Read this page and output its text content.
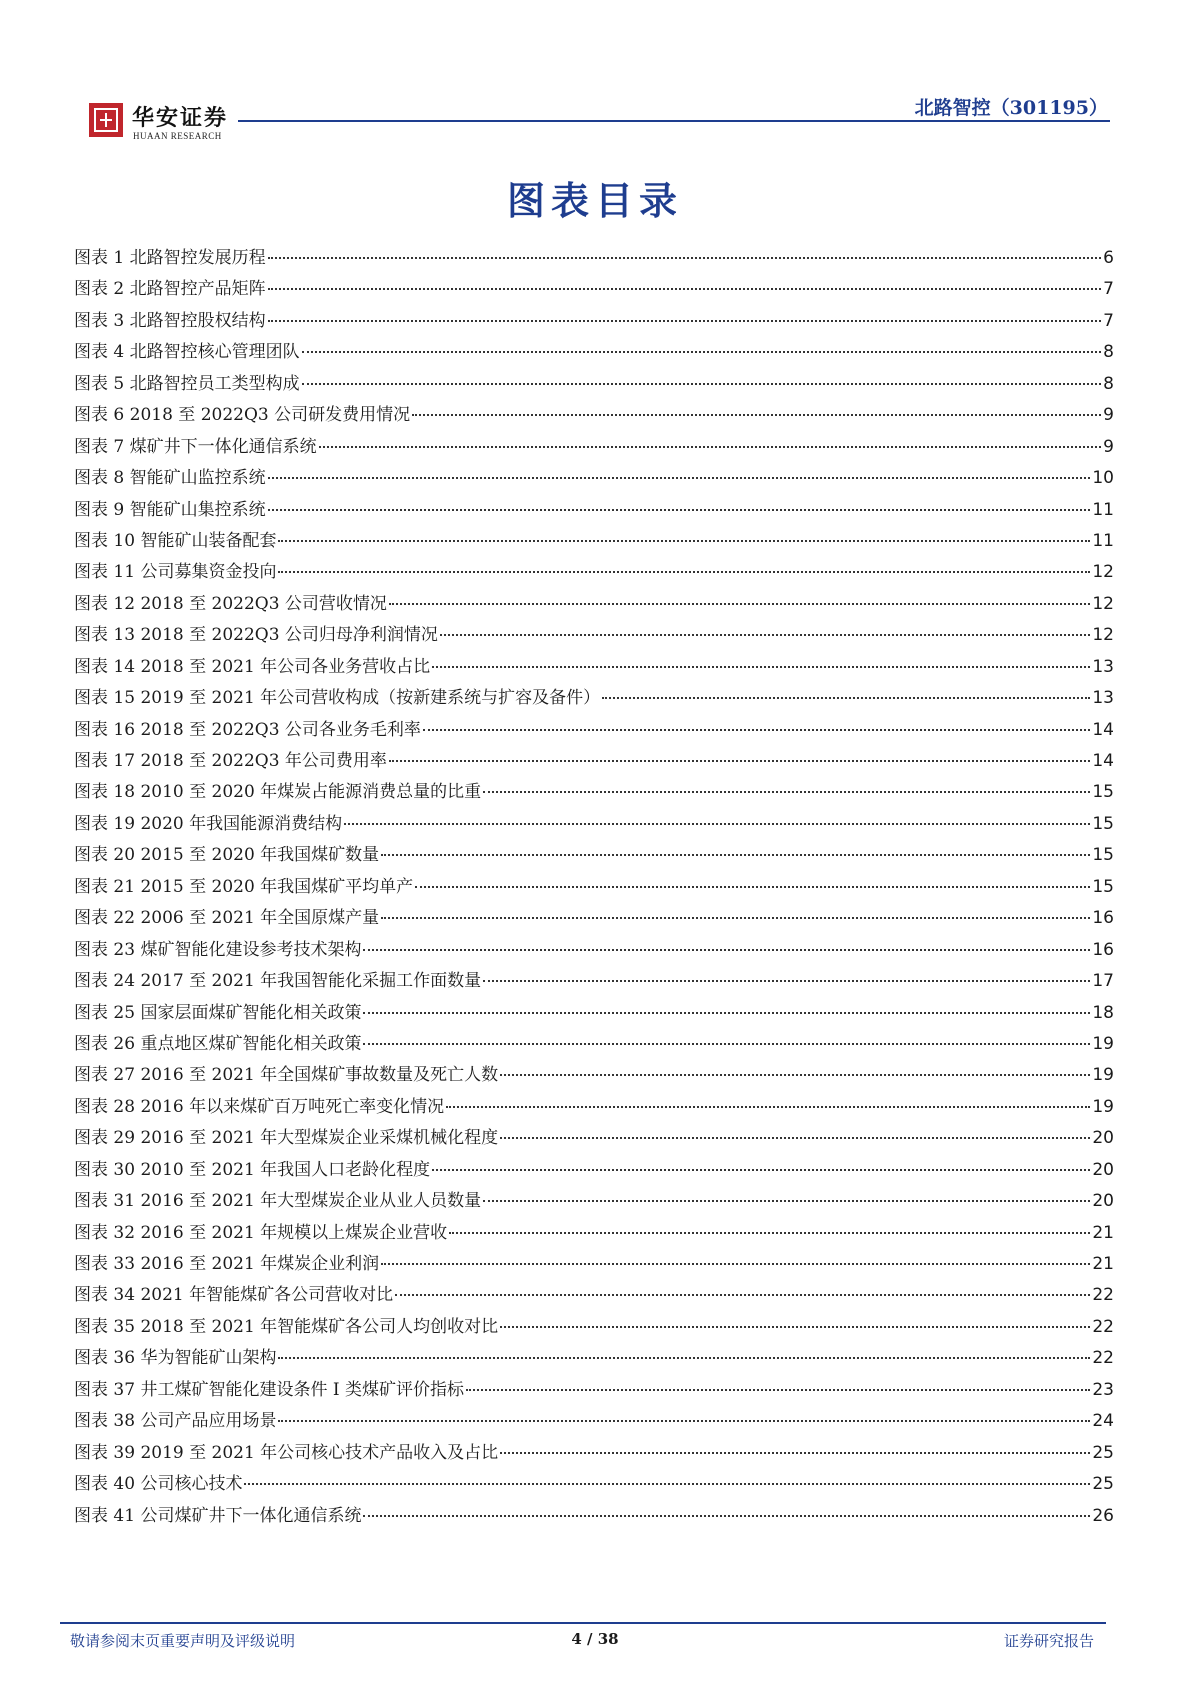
华安证券
HUAAN RESEARCH
北路智控（301195）
图表目录
图表 1 北路智控发展历程	6
图表 2 北路智控产品矩阵	7
图表 3 北路智控股权结构	7
图表 4 北路智控核心管理团队	8
图表 5 北路智控员工类型构成	8
图表 6 2018 至 2022Q3 公司研发费用情况	9
图表 7 煤矿井下一体化通信系统	9
图表 8 智能矿山监控系统	10
图表 9 智能矿山集控系统	11
图表 10 智能矿山装备配套	11
图表 11 公司募集资金投向	12
图表 12 2018 至 2022Q3 公司营收情况	12
图表 13 2018 至 2022Q3 公司归母净利润情况	12
图表 14 2018 至 2021 年公司各业务营收占比	13
图表 15 2019 至 2021 年公司营收构成（按新建系统与扩容及备件）	13
图表 16 2018 至 2022Q3 公司各业务毛利率	14
图表 17 2018 至 2022Q3 年公司费用率	14
图表 18 2010 至 2020 年煤炭占能源消费总量的比重	15
图表 19 2020 年我国能源消费结构	15
图表 20 2015 至 2020 年我国煤矿数量	15
图表 21 2015 至 2020 年我国煤矿平均单产	15
图表 22 2006 至 2021 年全国原煤产量	16
图表 23 煤矿智能化建设参考技术架构	16
图表 24 2017 至 2021 年我国智能化采掘工作面数量	17
图表 25 国家层面煤矿智能化相关政策	18
图表 26 重点地区煤矿智能化相关政策	19
图表 27 2016 至 2021 年全国煤矿事故数量及死亡人数	19
图表 28 2016 年以来煤矿百万吨死亡率变化情况	19
图表 29 2016 至 2021 年大型煤炭企业采煤机械化程度	20
图表 30 2010 至 2021 年我国人口老龄化程度	20
图表 31 2016 至 2021 年大型煤炭企业从业人员数量	20
图表 32 2016 至 2021 年规模以上煤炭企业营收	21
图表 33 2016 至 2021 年煤炭企业利润	21
图表 34 2021 年智能煤矿各公司营收对比	22
图表 35 2018 至 2021 年智能煤矿各公司人均创收对比	22
图表 36 华为智能矿山架构	22
图表 37 井工煤矿智能化建设条件 I 类煤矿评价指标	23
图表 38 公司产品应用场景	24
图表 39 2019 至 2021 年公司核心技术产品收入及占比	25
图表 40 公司核心技术	25
图表 41 公司煤矿井下一体化通信系统	26
敬请参阅末页重要声明及评级说明	4 / 38	证券研究报告
